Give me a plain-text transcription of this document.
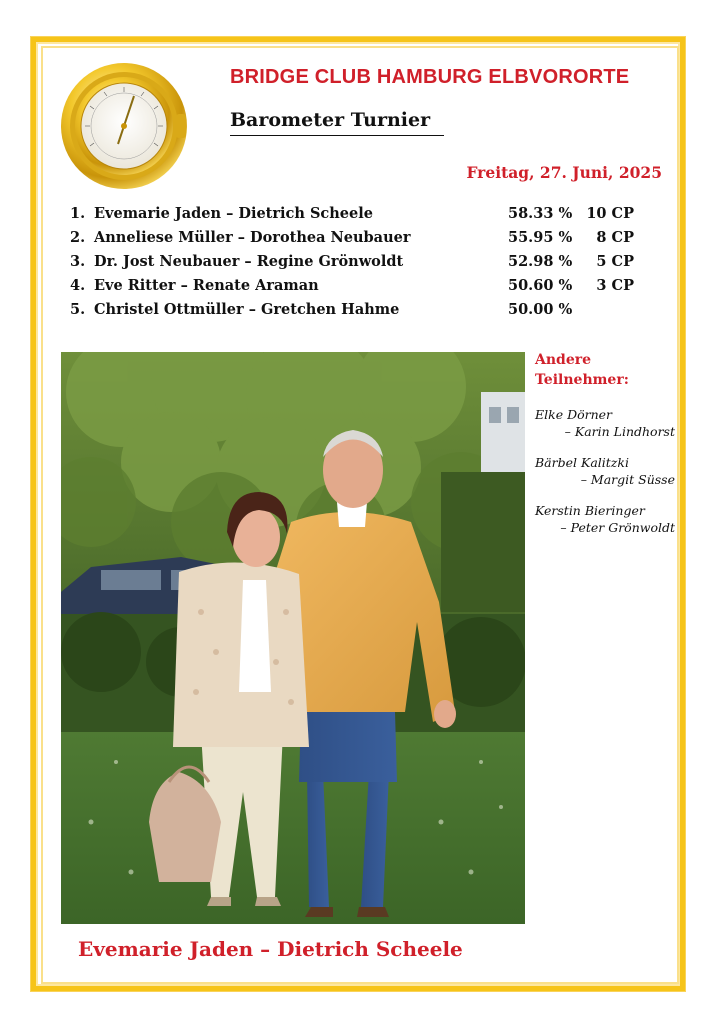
BRIDGE CLUB HAMBURG ELBVORORTE
Barometer Turnier
Freitag, 27. Juni, 2025
1. Evemarie Jaden – Dietrich Scheele	58.33 % 10 CP
2. Anneliese Müller – Dorothea Neubauer	55.95 % 8 CP
3. Dr. Jost Neubauer – Regine Grönwoldt	52.98 % 5 CP
4. Eve Ritter – Renate Araman	50.60 % 3 CP
5. Christel Ottmüller – Gretchen Hahme	50.00 %
Andere Teilnehmer:
Elke Dörner
– Karin Lindhorst
Bärbel Kalitzki
– Margit Süsse
Kerstin Bieringer
– Peter Grönwoldt
Evemarie Jaden – Dietrich Scheele
